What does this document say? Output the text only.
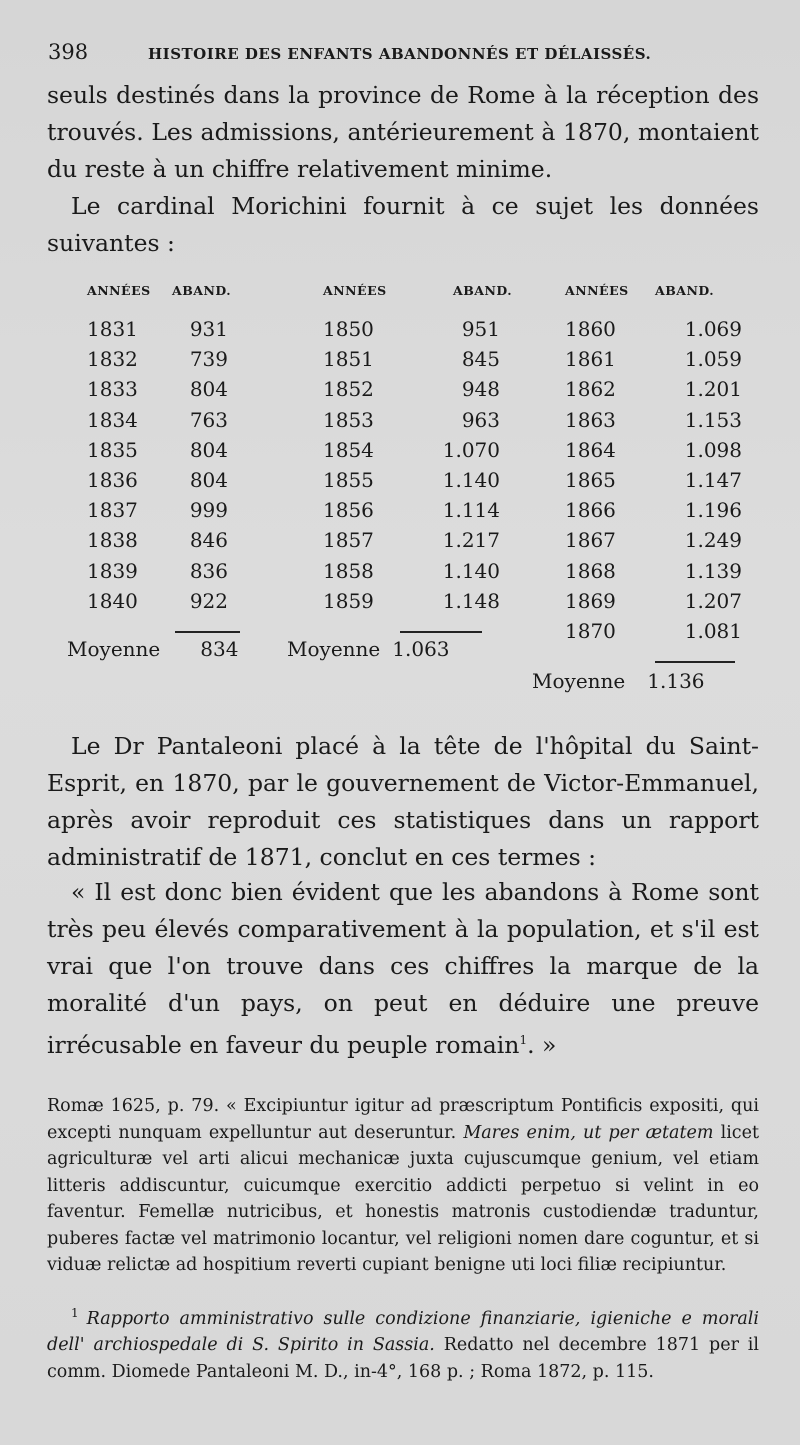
398	HISTOIRE DES ENFANTS ABANDONNÉS ET DÉLAISSÉS.
seuls destinés dans la province de Rome à la réception des trouvés. Les admissions, antérieurement à 1870, montaient du reste à un chiffre relativement minime.
Le cardinal Morichini fournit à ce sujet les données suivantes :
ANNÉES	ABAND.
1831	931
1832	739
1833	804
1834	763
1835	804
1836	804
1837	999
1838	846
1839	836
1840	922
Moyenne 834
ANNÉES	ABAND.
1850	951
1851	845
1852	948
1853	963
1854	1.070
1855	1.140
1856	1.114
1857	1.217
1858	1.140
1859	1.148
Moyenne 1.063
ANNÉES	ABAND.
1860	1.069
1861	1.059
1862	1.201
1863	1.153
1864	1.098
1865	1.147
1866	1.196
1867	1.249
1868	1.139
1869	1.207
1870	1.081
Moyenne 1.136
Le Dr Pantaleoni placé à la tête de l'hôpital du Saint-Esprit, en 1870, par le gouvernement de Victor-Emmanuel, après avoir reproduit ces statistiques dans un rapport administratif de 1871, conclut en ces termes :
« Il est donc bien évident que les abandons à Rome sont très peu élevés comparativement à la population, et s'il est vrai que l'on trouve dans ces chiffres la marque de la moralité d'un pays, on peut en déduire une preuve irrécusable en faveur du peuple romain$^1$. »
Romæ 1625, p. 79. « Excipiuntur igitur ad præscriptum Pontificis expositi, qui excepti nunquam expelluntur aut deseruntur. Mares enim, ut per ætatem licet agriculturæ vel arti alicui mechanicæ juxta cujuscumque genium, vel etiam litteris addiscuntur, cuicumque exercitio addicti perpetuo si velint in eo faventur. Femellæ nutricibus, et honestis matronis custodiendæ traduntur, puberes factæ vel matrimonio locantur, vel religioni nomen dare coguntur, et si viduæ relictæ ad hospitium reverti cupiant benigne uti loci filiæ recipiuntur.
$^1$ Rapporto amministrativo sulle condizione finanziarie, igieniche e morali dell' archiospedale di S. Spirito in Sassia. Redatto nel decembre 1871 per il comm. Diomede Pantaleoni M. D., in-4°, 168 p. ; Roma 1872, p. 115.
